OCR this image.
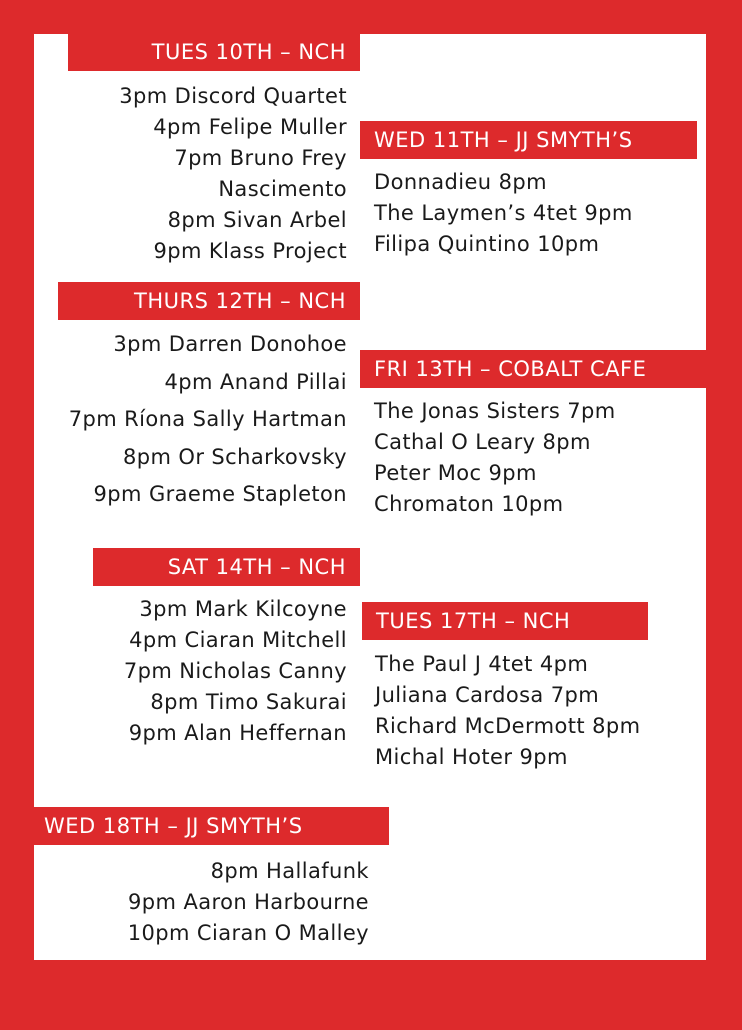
TUES 10TH – NCH
3pm Discord Quartet
4pm Felipe Muller
7pm Bruno Frey
Nascimento
8pm Sivan Arbel
9pm Klass Project
WED 11TH – JJ SMYTH’S
Donnadieu 8pm
The Laymen’s 4tet 9pm
Filipa Quintino 10pm
THURS 12TH – NCH
3pm Darren Donohoe
4pm Anand Pillai
7pm Ríona Sally Hartman
8pm Or Scharkovsky
9pm Graeme Stapleton
FRI 13TH – COBALT CAFE
The Jonas Sisters 7pm
Cathal O Leary 8pm
Peter Moc 9pm
Chromaton 10pm
SAT 14TH – NCH
3pm Mark Kilcoyne
4pm Ciaran Mitchell
7pm Nicholas Canny
8pm Timo Sakurai
9pm Alan Heffernan
TUES 17TH – NCH
The Paul J 4tet 4pm
Juliana Cardosa 7pm
Richard McDermott 8pm
Michal Hoter 9pm
WED 18TH – JJ SMYTH’S
8pm Hallafunk
9pm Aaron Harbourne
10pm Ciaran O Malley
